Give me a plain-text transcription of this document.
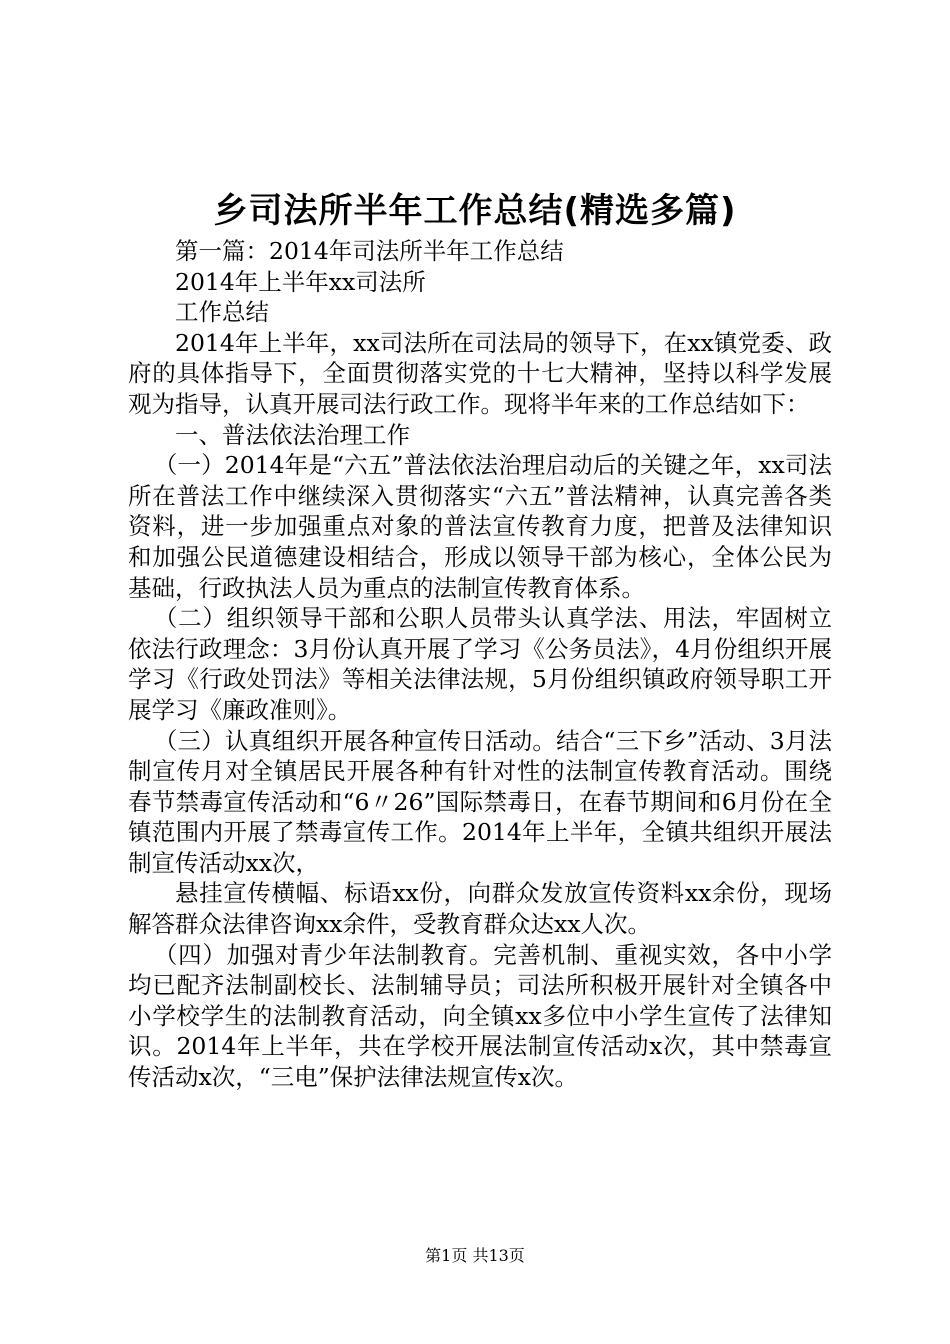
乡司法所半年工作总结(精选多篇)

第一篇：2014年司法所半年工作总结

2014年上半年xx司法所

工作总结

2014年上半年，xx司法所在司法局的领导下，在xx镇党委、政府的具体指导下，全面贯彻落实党的十七大精神，坚持以科学发展观为指导，认真开展司法行政工作。现将半年来的工作总结如下：

一、普法依法治理工作

（一）2014年是“六五”普法依法治理启动后的关键之年，xx司法所在普法工作中继续深入贯彻落实“六五”普法精神，认真完善各类资料，进一步加强重点对象的普法宣传教育力度，把普及法律知识和加强公民道德建设相结合，形成以领导干部为核心，全体公民为基础，行政执法人员为重点的法制宣传教育体系。

（二）组织领导干部和公职人员带头认真学法、用法，牢固树立依法行政理念：3月份认真开展了学习《公务员法》，4月份组织开展学习《行政处罚法》等相关法律法规，5月份组织镇政府领导职工开展学习《廉政准则》。

（三）认真组织开展各种宣传日活动。结合“三下乡”活动、3月法制宣传月对全镇居民开展各种有针对性的法制宣传教育活动。围绕春节禁毒宣传活动和“6〃26”国际禁毒日，在春节期间和6月份在全镇范围内开展了禁毒宣传工作。2014年上半年，全镇共组织开展法制宣传活动xx次，

悬挂宣传横幅、标语xx份，向群众发放宣传资料xx余份，现场解答群众法律咨询xx余件，受教育群众达xx人次。

（四）加强对青少年法制教育。完善机制、重视实效，各中小学均已配齐法制副校长、法制辅导员；司法所积极开展针对全镇各中小学校学生的法制教育活动，向全镇xx多位中小学生宣传了法律知识。2014年上半年，共在学校开展法制宣传活动x次，其中禁毒宣传活动x次，“三电”保护法律法规宣传x次。

第1页 共13页
